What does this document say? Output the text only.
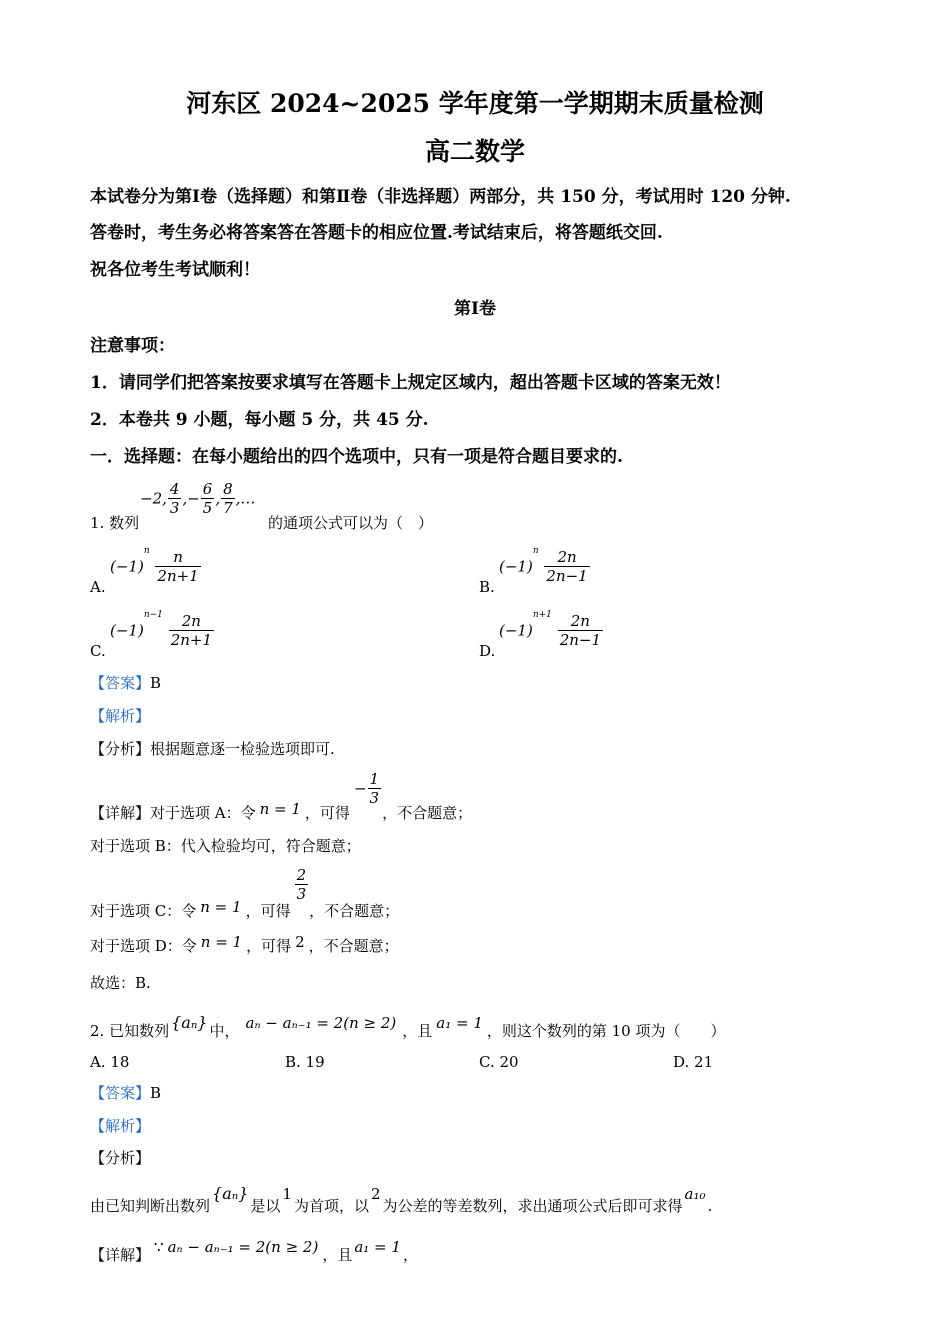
河东区 2024~2025 学年度第一学期期末质量检测
高二数学
本试卷分为第Ⅰ卷（选择题）和第Ⅱ卷（非选择题）两部分，共 150 分，考试用时 120 分钟.
答卷时，考生务必将答案答在答题卡的相应位置.考试结束后，将答题纸交回.
祝各位考生考试顺利！
第Ⅰ卷
注意事项：
1．请同学们把答案按要求填写在答题卡上规定区域内，超出答题卡区域的答案无效！
2．本卷共 9 小题，每小题 5 分，共 45 分.
一．选择题：在每小题给出的四个选项中，只有一项是符合题目要求的.
1. 数列
−2, $\frac{4}{3}$ ,− $\frac{6}{5}$ , $\frac{8}{7}$ ,…
的通项公式可以为（　）
A.
$(-1)^n \frac{n}{2n+1}$
B.
$(-1)^n \frac{2n}{2n-1}$
C.
$(-1)^{n-1} \frac{2n}{2n+1}$
D.
$(-1)^{n+1} \frac{2n}{2n-1}$
【答案】B
【解析】
【分析】根据题意逐一检验选项即可.
【详解】对于选项 A：令 n = 1 ，可得− $\frac{1}{3}$
，不合题意；
对于选项 B：代入检验均可，符合题意；
对于选项 C：令 n = 1 ，可得
$\frac{2}{3}$
，不合题意；
对于选项 D：令 n = 1 ，可得 2 ，不合题意；
故选：B.
2. 已知数列 {aₙ} 中， aₙ − aₙ₋₁ = 2(n ≥ 2) ，且 a₁ = 1 ，则这个数列的第 10 项为（　　）
A. 18	B. 19	C. 20	D. 21
【答案】B
【解析】
【分析】
由已知判断出数列{aₙ}是以1为首项，以2为公差的等差数列，求出通项公式后即可求得a₁₀.
【详解】 ∵ aₙ − aₙ₋₁ = 2(n ≥ 2) ，且 a₁ = 1 ，
